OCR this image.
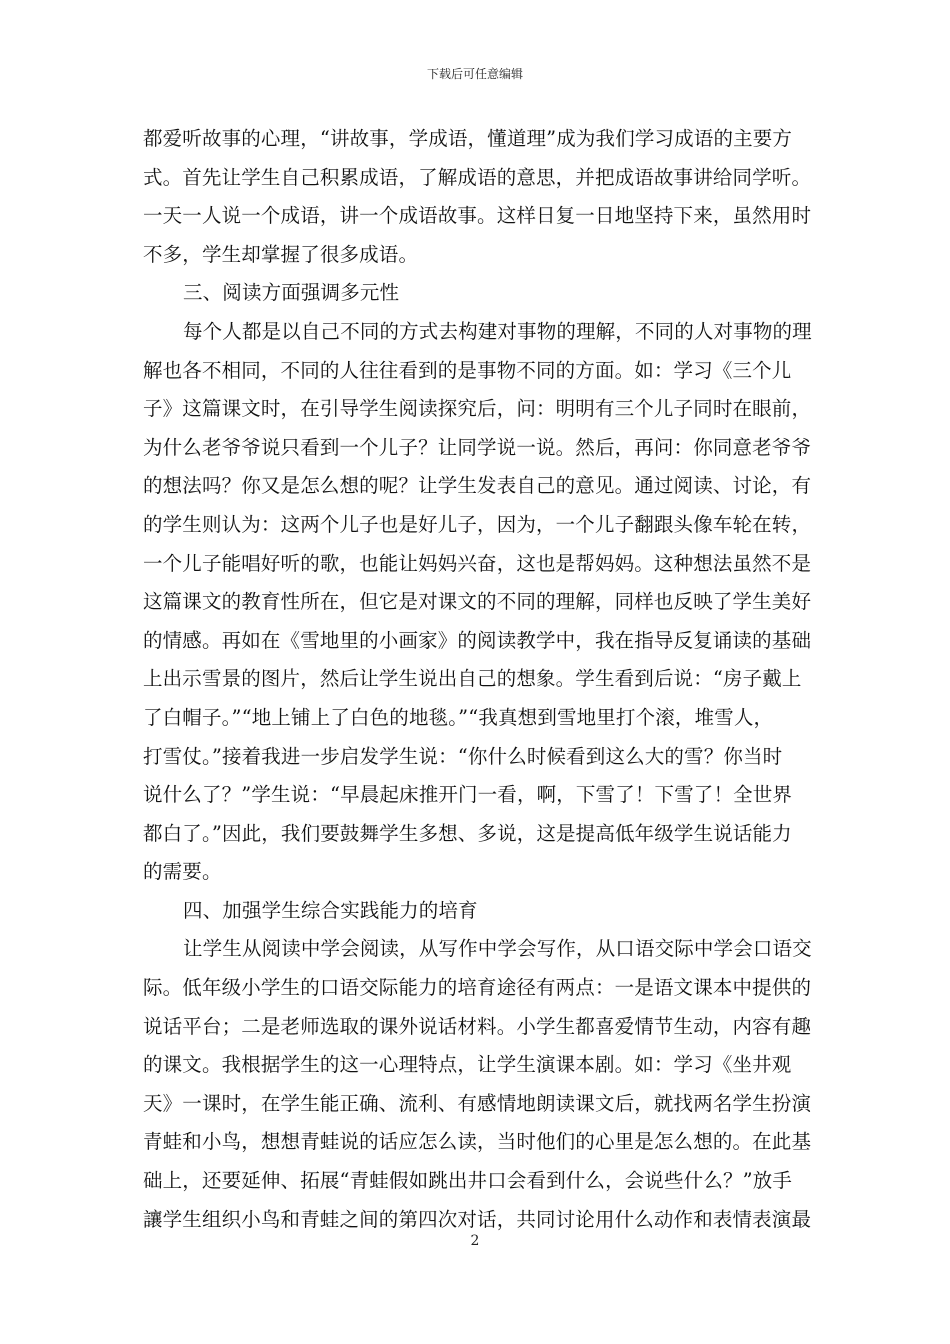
下载后可任意编辑
都爱听故事的心理，“讲故事，学成语，懂道理”成为我们学习成语的主要方
式。首先让学生自己积累成语，了解成语的意思，并把成语故事讲给同学听。
一天一人说一个成语，讲一个成语故事。这样日复一日地坚持下来，虽然用时
不多，学生却掌握了很多成语。
三、阅读方面强调多元性
每个人都是以自己不同的方式去构建对事物的理解，不同的人对事物的理
解也各不相同，不同的人往往看到的是事物不同的方面。如：学习《三个儿
子》这篇课文时，在引导学生阅读探究后，问：明明有三个儿子同时在眼前，
为什么老爷爷说只看到一个儿子？让同学说一说。然后，再问：你同意老爷爷
的想法吗？你又是怎么想的呢？让学生发表自己的意见。通过阅读、讨论，有
的学生则认为：这两个儿子也是好儿子，因为，一个儿子翻跟头像车轮在转，
一个儿子能唱好听的歌，也能让妈妈兴奋，这也是帮妈妈。这种想法虽然不是
这篇课文的教育性所在，但它是对课文的不同的理解，同样也反映了学生美好
的情感。再如在《雪地里的小画家》的阅读教学中，我在指导反复诵读的基础
上出示雪景的图片，然后让学生说出自己的想象。学生看到后说：“房子戴上
了白帽子。”“地上铺上了白色的地毯。”“我真想到雪地里打个滚，堆雪人，
打雪仗。”接着我进一步启发学生说：“你什么时候看到这么大的雪？你当时
说什么了？”学生说：“早晨起床推开门一看，啊，下雪了！下雪了！全世界
都白了。”因此，我们要鼓舞学生多想、多说，这是提高低年级学生说话能力
的需要。
四、加强学生综合实践能力的培育
让学生从阅读中学会阅读，从写作中学会写作，从口语交际中学会口语交
际。低年级小学生的口语交际能力的培育途径有两点：一是语文课本中提供的
说话平台；二是老师选取的课外说话材料。小学生都喜爱情节生动，内容有趣
的课文。我根据学生的这一心理特点，让学生演课本剧。如：学习《坐井观
天》一课时，在学生能正确、流利、有感情地朗读课文后，就找两名学生扮演
青蛙和小鸟，想想青蛙说的话应怎么读，当时他们的心里是怎么想的。在此基
础上，还要延伸、拓展“青蛙假如跳出井口会看到什么，会说些什么？”放手
讓学生组织小鸟和青蛙之间的第四次对话，共同讨论用什么动作和表情表演最
2
